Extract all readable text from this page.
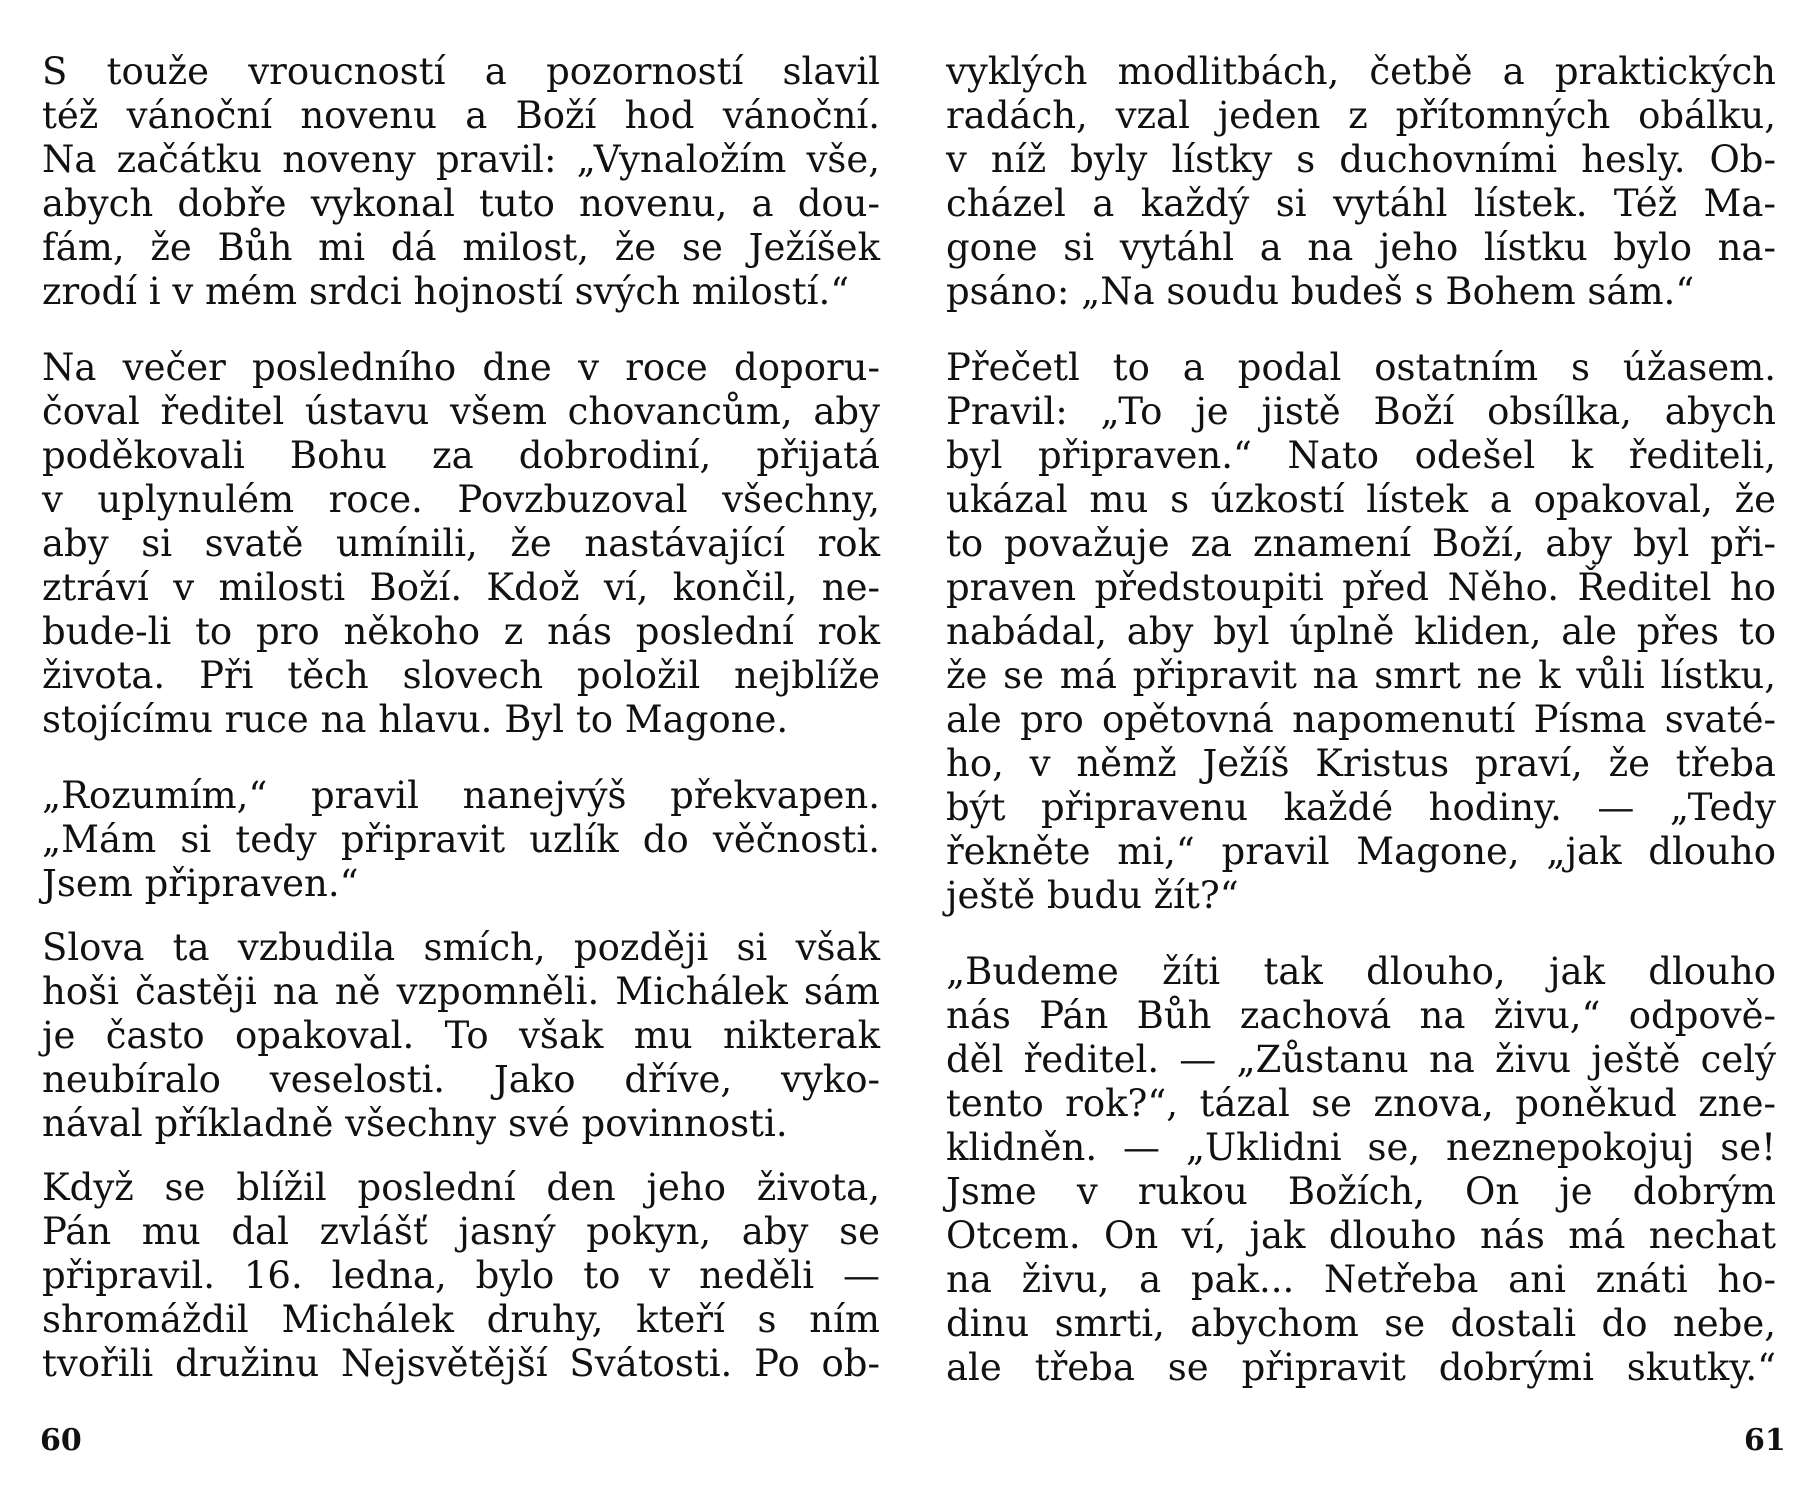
S touže vroucností a pozorností slavil
též vánoční novenu a Boží hod vánoční.
Na začátku noveny pravil: „Vynaložím vše,
abych dobře vykonal tuto novenu, a dou-
fám, že Bůh mi dá milost, že se Ježíšek
zrodí i v mém srdci hojností svých milostí.“

Na večer posledního dne v roce doporu-
čoval ředitel ústavu všem chovancům, aby
poděkovali Bohu za dobrodiní, přijatá
v uplynulém roce. Povzbuzoval všechny,
aby si svatě umínili, že nastávající rok
ztráví v milosti Boží. Kdož ví, končil, ne-
bude-li to pro někoho z nás poslední rok
života. Při těch slovech položil nejblíže
stojícímu ruce na hlavu. Byl to Magone.

„Rozumím,“ pravil nanejvýš překvapen.
„Mám si tedy připravit uzlík do věčnosti.
Jsem připraven.“

Slova ta vzbudila smích, později si však
hoši častěji na ně vzpomněli. Michálek sám
je často opakoval. To však mu nikterak
neubíralo veselosti. Jako dříve, vyko-
nával příkladně všechny své povinnosti.

Když se blížil poslední den jeho života,
Pán mu dal zvlášť jasný pokyn, aby se
připravil. 16. ledna, bylo to v neděli —
shromáždil Michálek druhy, kteří s ním
tvořili družinu Nejsvětější Svátosti. Po ob-

vyklých modlitbách, četbě a praktických
radách, vzal jeden z přítomných obálku,
v níž byly lístky s duchovními hesly. Ob-
cházel a každý si vytáhl lístek. Též Ma-
gone si vytáhl a na jeho lístku bylo na-
psáno: „Na soudu budeš s Bohem sám.“

Přečetl to a podal ostatním s úžasem.
Pravil: „To je jistě Boží obsílka, abych
byl připraven.“ Nato odešel k řediteli,
ukázal mu s úzkostí lístek a opakoval, že
to považuje za znamení Boží, aby byl při-
praven předstoupiti před Něho. Ředitel ho
nabádal, aby byl úplně kliden, ale přes to
že se má připravit na smrt ne k vůli lístku,
ale pro opětovná napomenutí Písma svaté-
ho, v němž Ježíš Kristus praví, že třeba
být připravenu každé hodiny. — „Tedy
řekněte mi,“ pravil Magone, „jak dlouho
ještě budu žít?“

„Budeme žíti tak dlouho, jak dlouho
nás Pán Bůh zachová na živu,“ odpově-
děl ředitel. — „Zůstanu na živu ještě celý
tento rok?“, tázal se znova, poněkud zne-
klidněn. — „Uklidni se, neznepokojuj se!
Jsme v rukou Božích, On je dobrým
Otcem. On ví, jak dlouho nás má nechat
na živu, a pak... Netřeba ani znáti ho-
dinu smrti, abychom se dostali do nebe,
ale třeba se připravit dobrými skutky.“

60	61
